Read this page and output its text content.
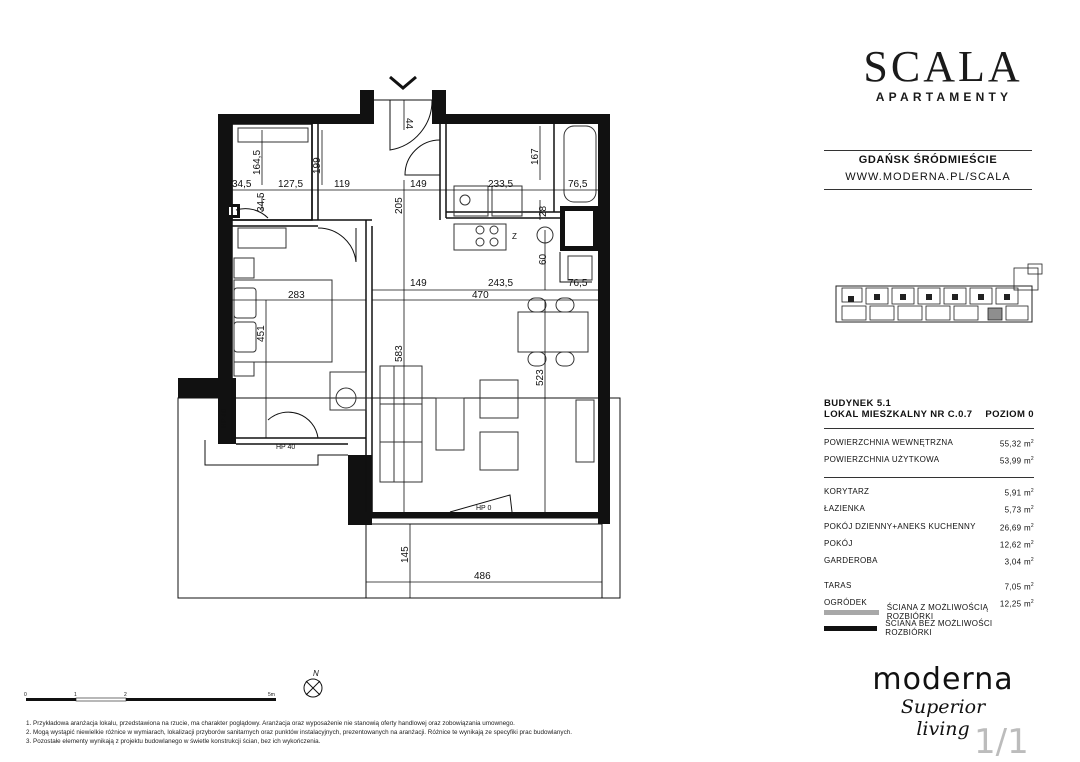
44
167
164,5	199
34,5	127,5	119	149	233,5	76,5
34,5	205	28
60
283
149	243,5	76,5
470
451
583
523
145
486
HP 40
HP 40
HP 0
Z
0	1	2	5m
N
SCALA
APARTAMENTY
GDAŃSK ŚRÓDMIEŚCIE
WWW.MODERNA.PL/SCALA
BUDYNEK 5.1
LOKAL MIESZKALNY NR C.0.7 POZIOM 0
POWIERZCHNIA WEWNĘTRZNA	55,32 $m^2$
POWIERZCHNIA UŻYTKOWA	53,99 $m^2$
KORYTARZ	5,91 $m^2$
ŁAZIENKA	5,73 $m^2$
POKÓJ DZIENNY+ANEKS KUCHENNY	26,69 $m^2$
POKÓJ	12,62 $m^2$
GARDEROBA	3,04 $m^2$
TARAS	7,05 $m^2$
OGRÓDEK	12,25 $m^2$
ŚCIANA Z MOŻLIWOŚCIĄ ROZBIÓRKI
ŚCIANA BEZ MOŻLIWOŚCI ROZBIÓRKI
moderna
Superior living 1/1
1. Przykładowa aranżacja lokalu, przedstawiona na rzucie, ma charakter poglądowy. Aranżacja oraz wyposażenie nie stanowią oferty handlowej oraz zobowiązania umownego.
2. Mogą wystąpić niewielkie różnice w wymiarach, lokalizacji przyborów sanitarnych oraz punktów instalacyjnych, prezentowanych na aranżacji. Różnice te wynikają ze specyfiki prac budowlanych.
3. Pozostałe elementy wynikają z projektu budowlanego w świetle konstrukcji ścian, bez ich wykończenia.
